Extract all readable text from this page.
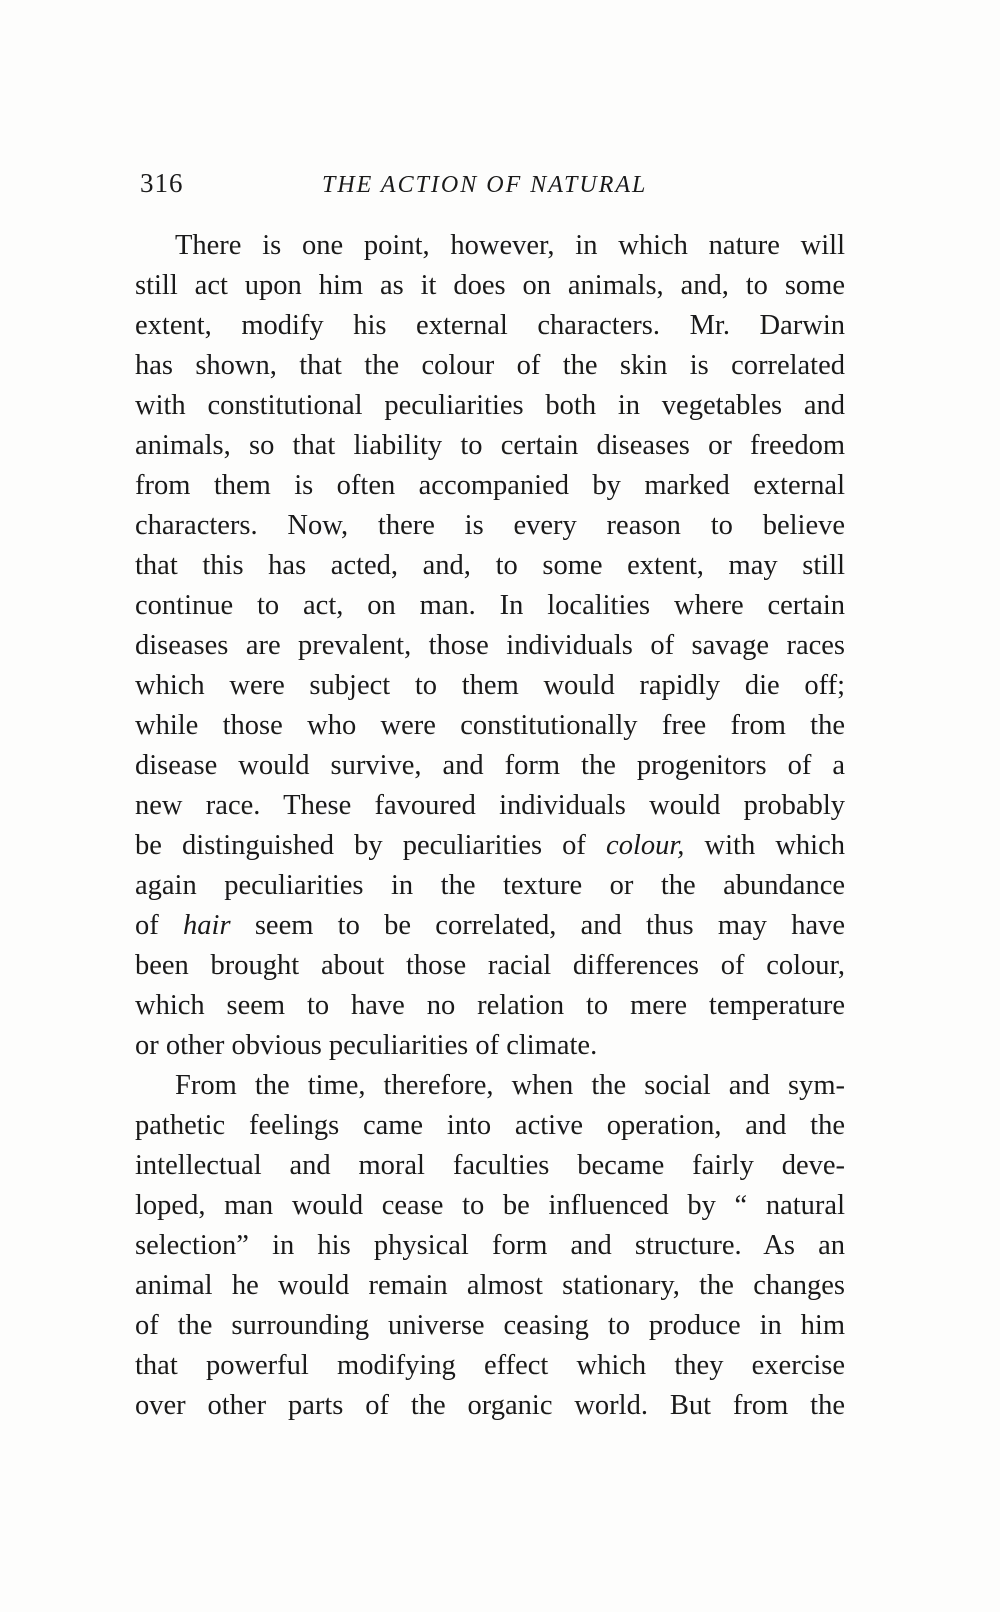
316	THE ACTION OF NATURAL
There is one point, however, in which nature will
still act upon him as it does on animals, and, to some
extent, modify his external characters. Mr. Darwin
has shown, that the colour of the skin is correlated
with constitutional peculiarities both in vegetables and
animals, so that liability to certain diseases or freedom
from them is often accompanied by marked external
characters. Now, there is every reason to believe
that this has acted, and, to some extent, may still
continue to act, on man. In localities where certain
diseases are prevalent, those individuals of savage races
which were subject to them would rapidly die off;
while those who were constitutionally free from the
disease would survive, and form the progenitors of a
new race. These favoured individuals would probably
be distinguished by peculiarities of colour, with which
again peculiarities in the texture or the abundance
of hair seem to be correlated, and thus may have
been brought about those racial differences of colour,
which seem to have no relation to mere temperature
or other obvious peculiarities of climate.
From the time, therefore, when the social and sym-
pathetic feelings came into active operation, and the
intellectual and moral faculties became fairly deve-
loped, man would cease to be influenced by “ natural
selection” in his physical form and structure. As an
animal he would remain almost stationary, the changes
of the surrounding universe ceasing to produce in him
that powerful modifying effect which they exercise
over other parts of the organic world. But from the
